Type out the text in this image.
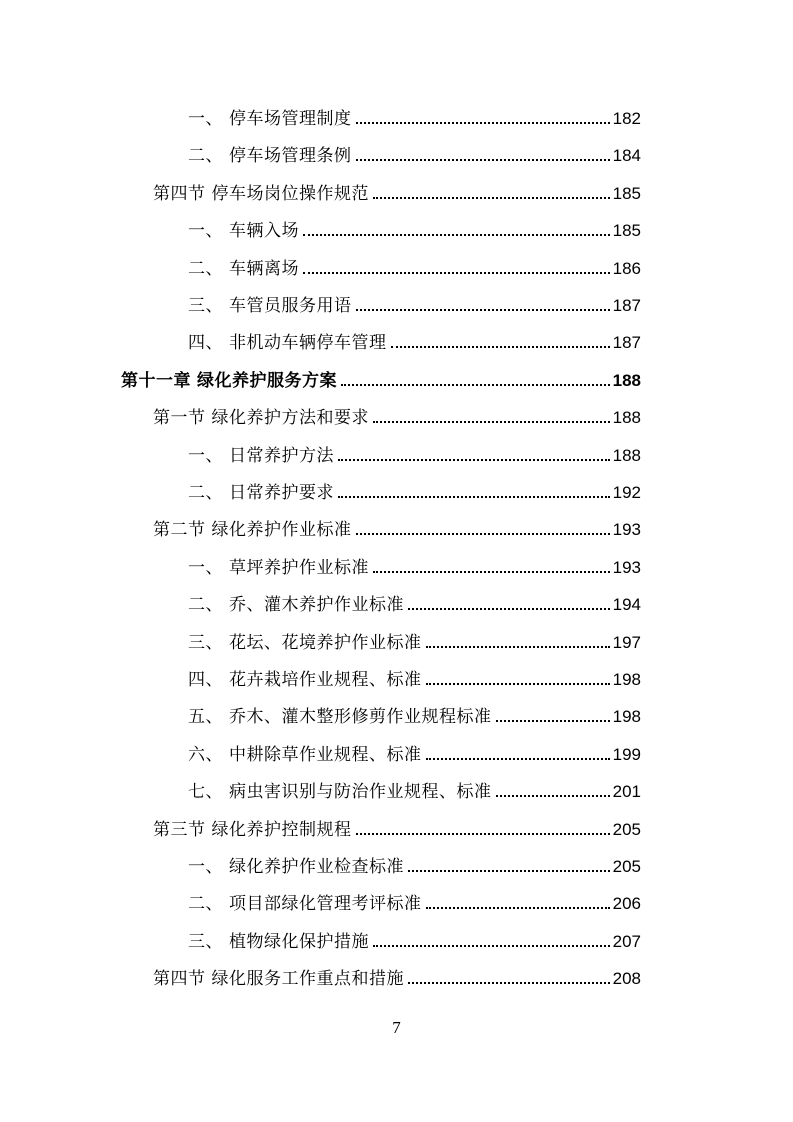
一、 停车场管理制度	182
二、 停车场管理条例	184
第四节 停车场岗位操作规范	185
一、 车辆入场	185
二、 车辆离场	186
三、 车管员服务用语	187
四、 非机动车辆停车管理	187
第十一章 绿化养护服务方案	188
第一节 绿化养护方法和要求	188
一、 日常养护方法	188
二、 日常养护要求	192
第二节 绿化养护作业标准	193
一、 草坪养护作业标准	193
二、 乔、灌木养护作业标准	194
三、 花坛、花境养护作业标准	197
四、 花卉栽培作业规程、标准	198
五、 乔木、灌木整形修剪作业规程标准	198
六、 中耕除草作业规程、标准	199
七、 病虫害识别与防治作业规程、标准	201
第三节 绿化养护控制规程	205
一、 绿化养护作业检查标准	205
二、 项目部绿化管理考评标准	206
三、 植物绿化保护措施	207
第四节 绿化服务工作重点和措施	208
7
